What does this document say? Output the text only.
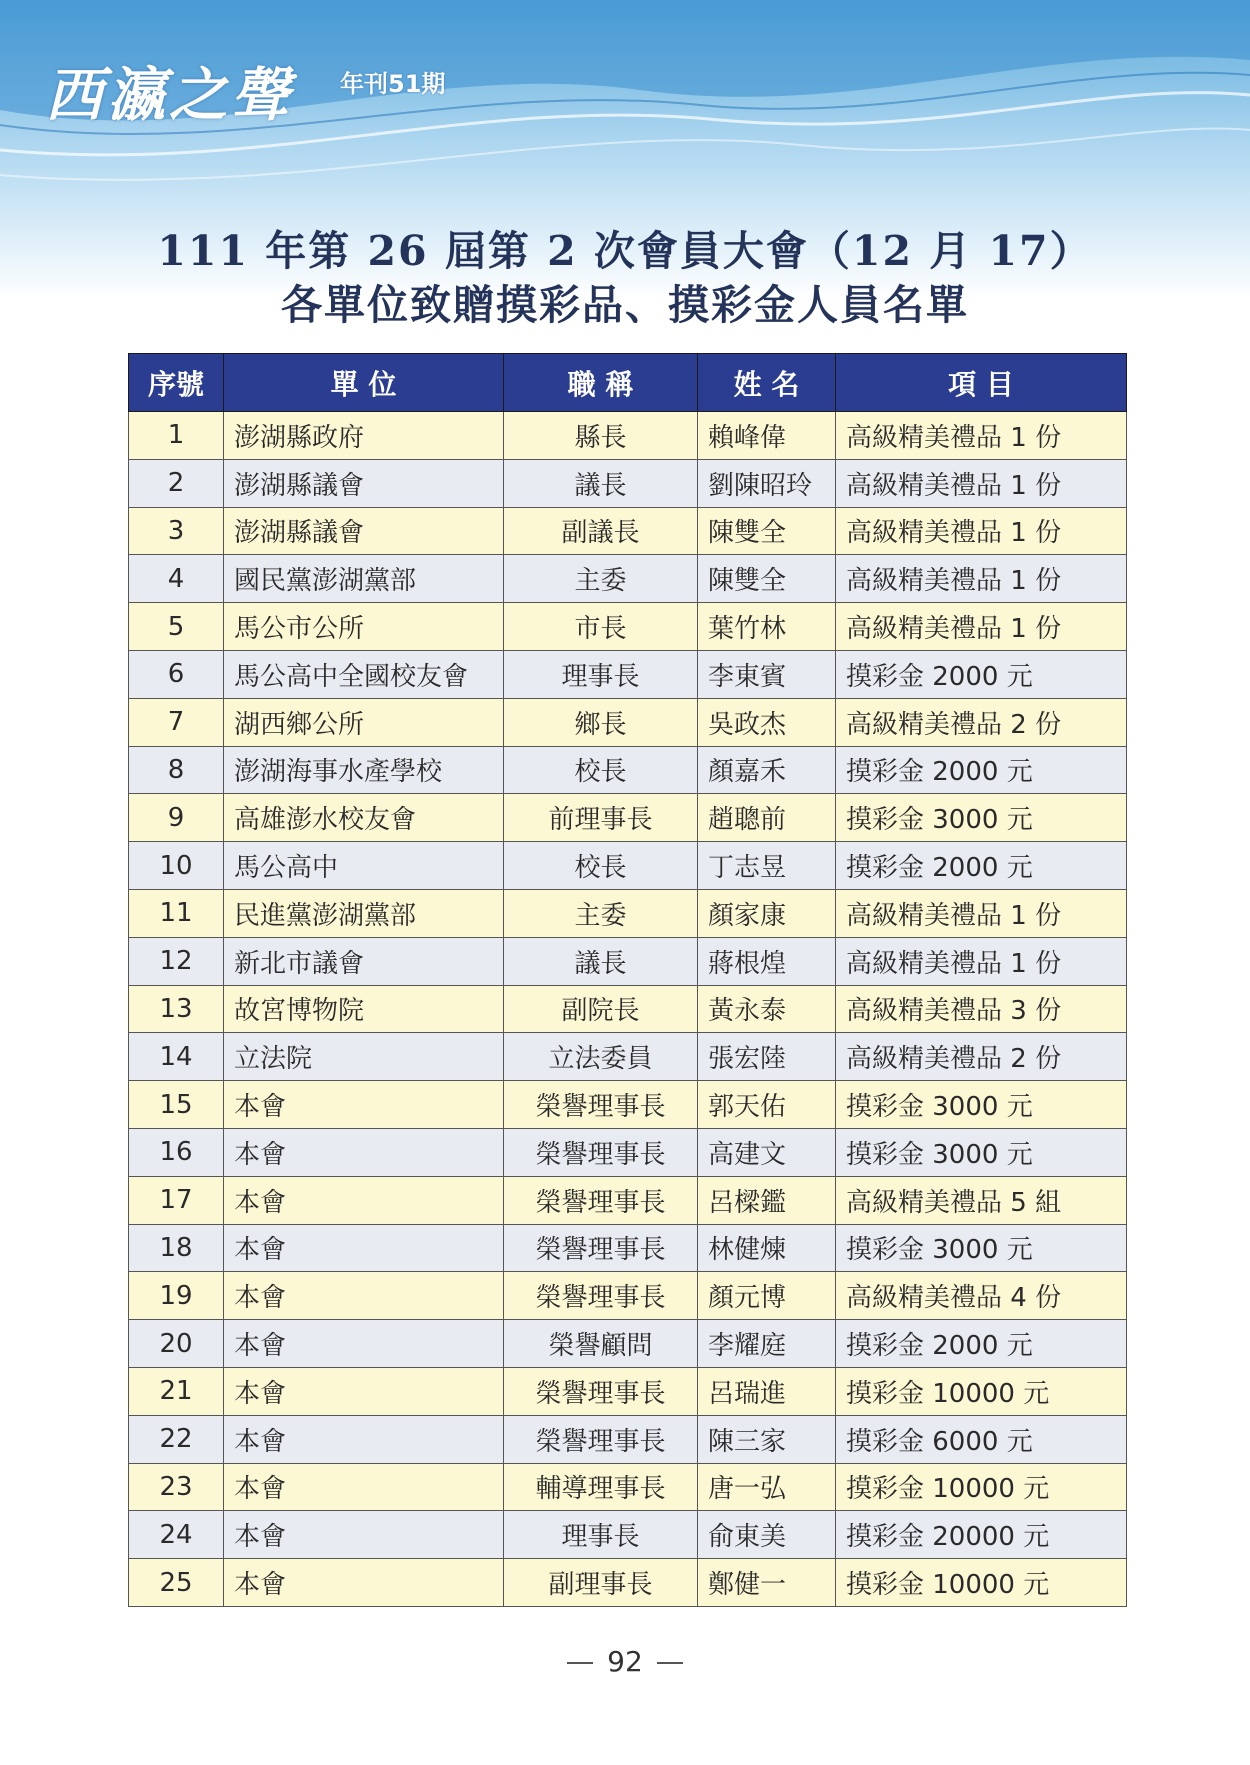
西瀛之聲 年刊51期
111 年第 26 屆第 2 次會員大會（12 月 17）
各單位致贈摸彩品、摸彩金人員名單
序號	單 位	職 稱	姓 名	項 目
1	澎湖縣政府	縣長	賴峰偉	高級精美禮品 1 份
2	澎湖縣議會	議長	劉陳昭玲	高級精美禮品 1 份
3	澎湖縣議會	副議長	陳雙全	高級精美禮品 1 份
4	國民黨澎湖黨部	主委	陳雙全	高級精美禮品 1 份
5	馬公市公所	市長	葉竹林	高級精美禮品 1 份
6	馬公高中全國校友會	理事長	李東賓	摸彩金 2000 元
7	湖西鄉公所	鄉長	吳政杰	高級精美禮品 2 份
8	澎湖海事水產學校	校長	顏嘉禾	摸彩金 2000 元
9	高雄澎水校友會	前理事長	趙聰前	摸彩金 3000 元
10	馬公高中	校長	丁志昱	摸彩金 2000 元
11	民進黨澎湖黨部	主委	顏家康	高級精美禮品 1 份
12	新北市議會	議長	蔣根煌	高級精美禮品 1 份
13	故宮博物院	副院長	黃永泰	高級精美禮品 3 份
14	立法院	立法委員	張宏陸	高級精美禮品 2 份
15	本會	榮譽理事長	郭天佑	摸彩金 3000 元
16	本會	榮譽理事長	高建文	摸彩金 3000 元
17	本會	榮譽理事長	呂樑鑑	高級精美禮品 5 組
18	本會	榮譽理事長	林健煉	摸彩金 3000 元
19	本會	榮譽理事長	顏元博	高級精美禮品 4 份
20	本會	榮譽顧問	李耀庭	摸彩金 2000 元
21	本會	榮譽理事長	呂瑞進	摸彩金 10000 元
22	本會	榮譽理事長	陳三家	摸彩金 6000 元
23	本會	輔導理事長	唐一弘	摸彩金 10000 元
24	本會	理事長	俞東美	摸彩金 20000 元
25	本會	副理事長	鄭健一	摸彩金 10000 元
92
